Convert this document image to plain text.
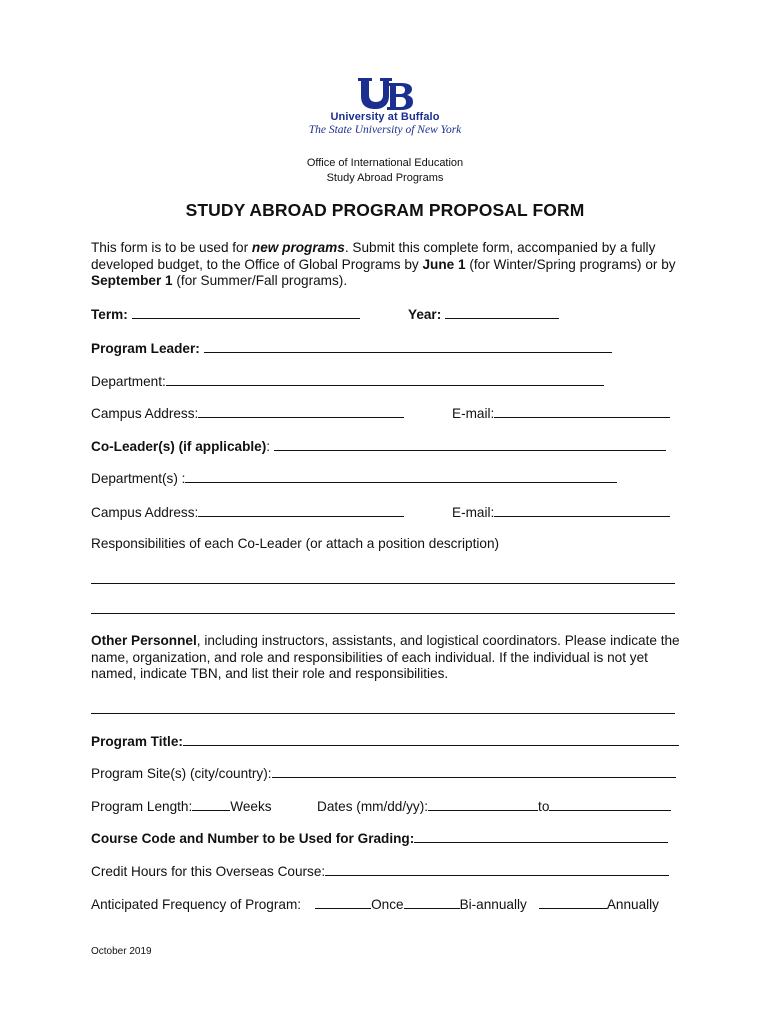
University at Buffalo
The State University of New York
Office of International Education
Study Abroad Programs
STUDY ABROAD PROGRAM PROPOSAL FORM
This form is to be used for new programs. Submit this complete form, accompanied by a fully developed budget, to the Office of Global Programs by June 1 (for Winter/Spring programs) or by September 1 (for Summer/Fall programs).
Term:	Year:
Program Leader:
Department:
Campus Address:	E-mail:
Co-Leader(s) (if applicable):
Department(s) :
Campus Address:	E-mail:
Responsibilities of each Co-Leader (or attach a position description)
Other Personnel, including instructors, assistants, and logistical coordinators. Please indicate the name, organization, and role and responsibilities of each individual. If the individual is not yet named, indicate TBN, and list their role and responsibilities.
Program Title:
Program Site(s) (city/country):
Program Length:	Weeks	Dates (mm/dd/yy):	to
Course Code and Number to be Used for Grading:
Credit Hours for this Overseas Course:
Anticipated Frequency of Program:	Once	Bi-annually	Annually
October 2019
